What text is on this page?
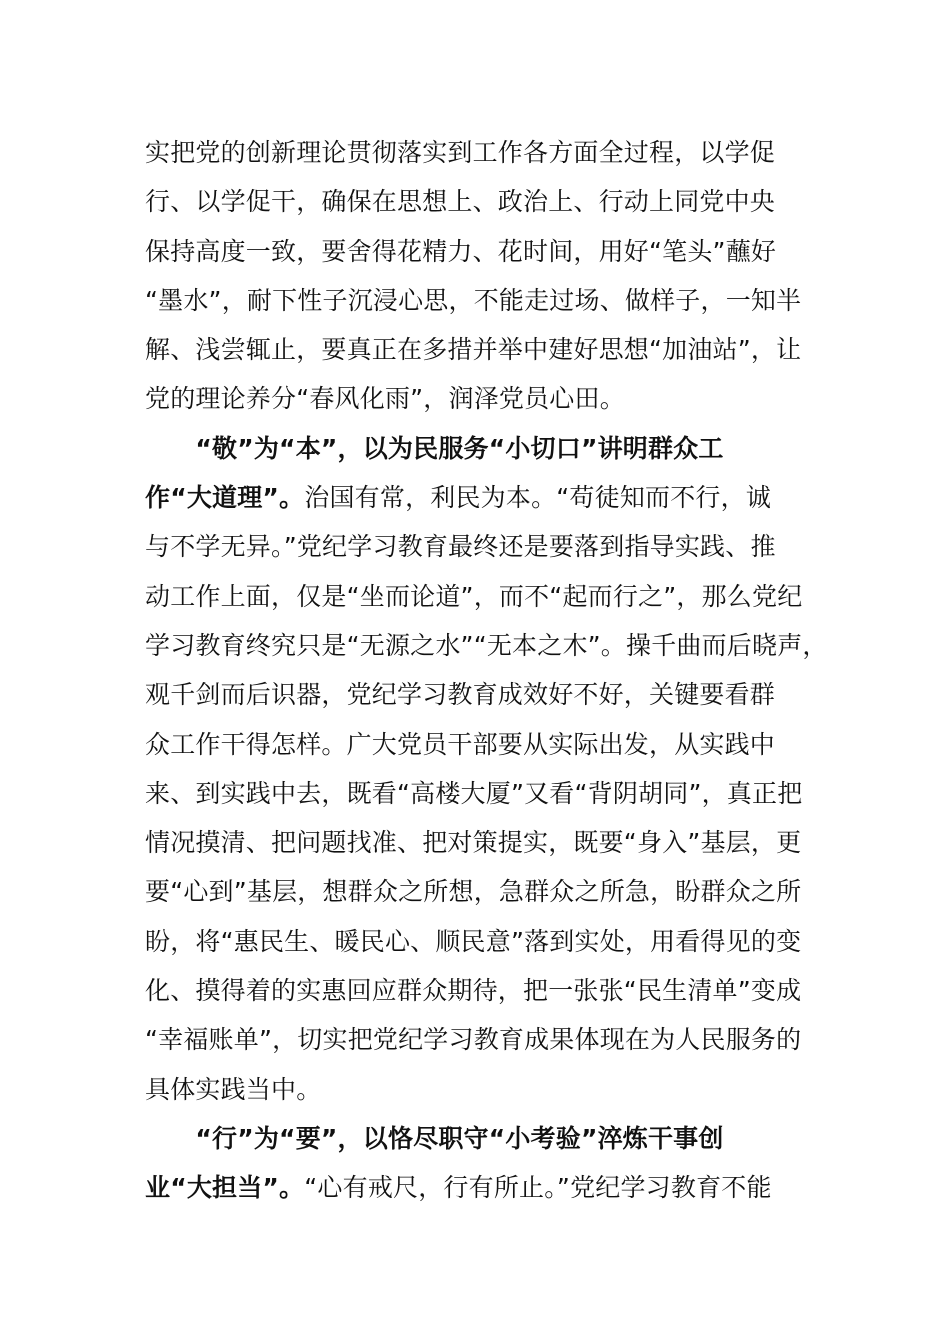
实把党的创新理论贯彻落实到工作各方面全过程，以学促
行、以学促干，确保在思想上、政治上、行动上同党中央
保持高度一致，要舍得花精力、花时间，用好“笔头”蘸好
“墨水”，耐下性子沉浸心思，不能走过场、做样子，一知半
解、浅尝辄止，要真正在多措并举中建好思想“加油站”，让
党的理论养分“春风化雨”，润泽党员心田。
　　“敬”为“本”，以为民服务“小切口”讲明群众工
作“大道理”。治国有常，利民为本。“苟徒知而不行，诚
与不学无异。”党纪学习教育最终还是要落到指导实践、推
动工作上面，仅是“坐而论道”，而不“起而行之”，那么党纪
学习教育终究只是“无源之水”“无本之木”。操千曲而后晓声，
观千剑而后识器，党纪学习教育成效好不好，关键要看群
众工作干得怎样。广大党员干部要从实际出发，从实践中
来、到实践中去，既看“高楼大厦”又看“背阴胡同”，真正把
情况摸清、把问题找准、把对策提实，既要“身入”基层，更
要“心到”基层，想群众之所想，急群众之所急，盼群众之所
盼，将“惠民生、暖民心、顺民意”落到实处，用看得见的变
化、摸得着的实惠回应群众期待，把一张张“民生清单”变成
“幸福账单”，切实把党纪学习教育成果体现在为人民服务的
具体实践当中。
　　“行”为“要”，以恪尽职守“小考验”淬炼干事创
业“大担当”。“心有戒尺，行有所止。”党纪学习教育不能
